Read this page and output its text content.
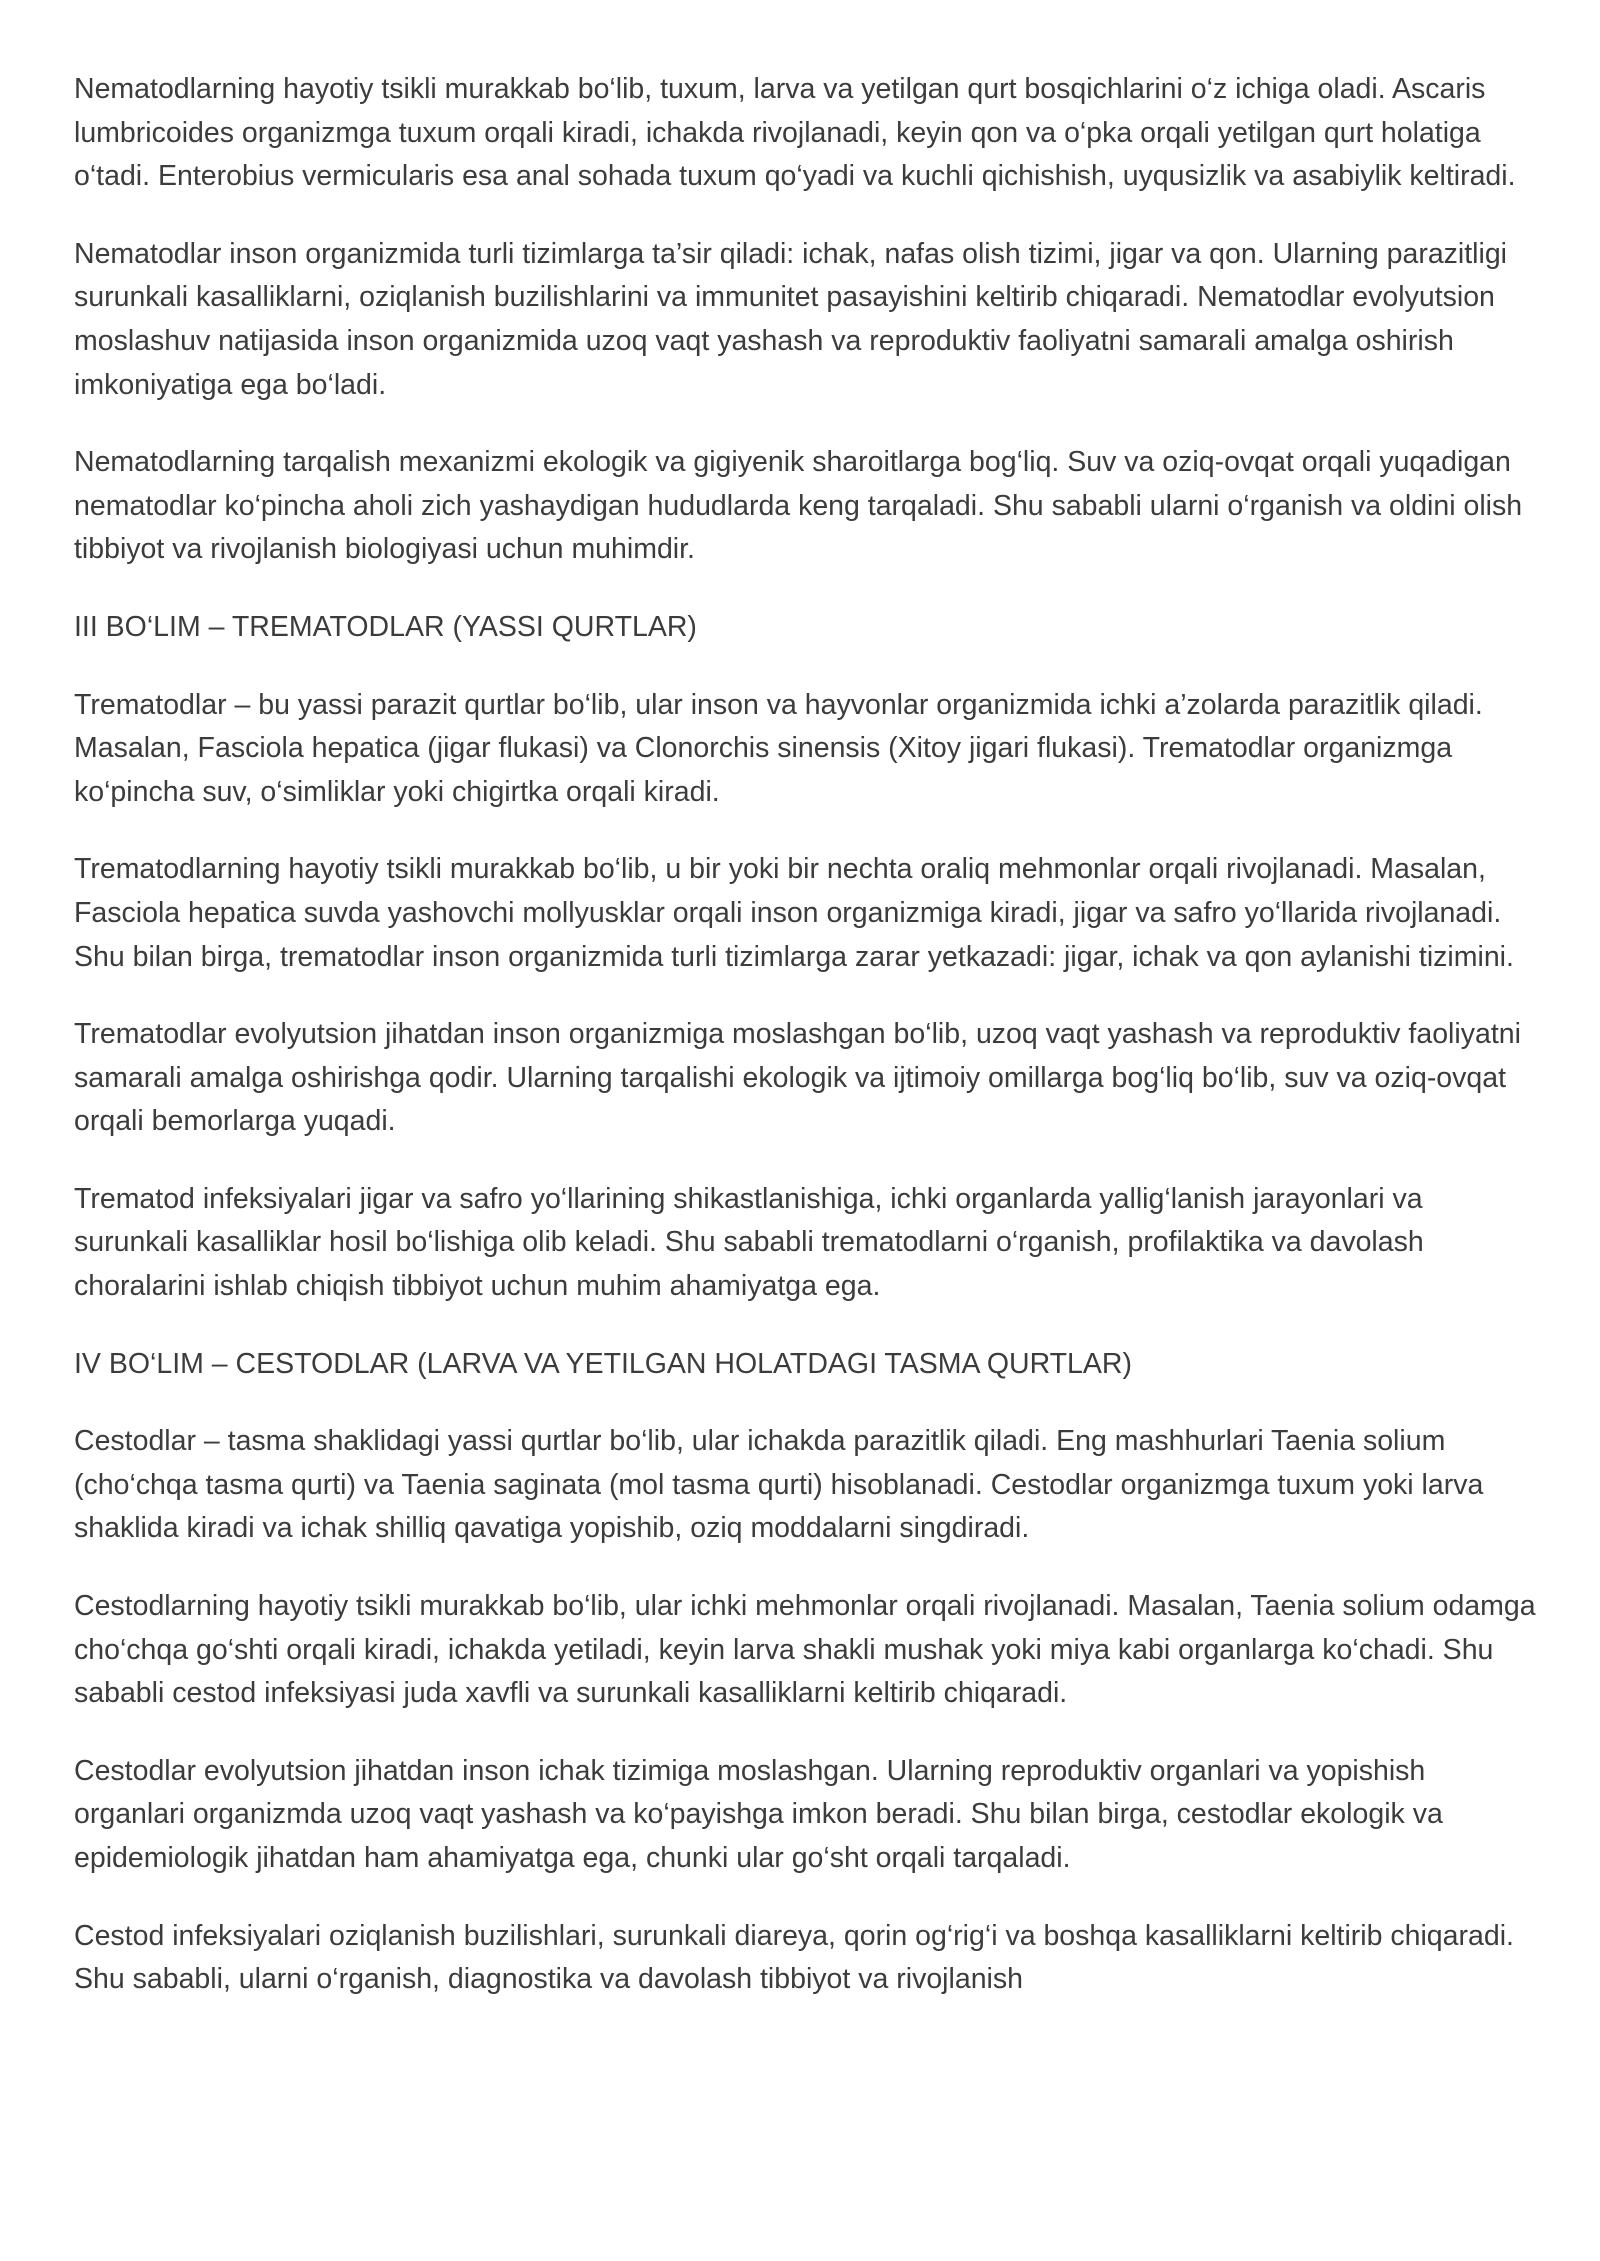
Nematodlarning hayotiy tsikli murakkab bo‘lib, tuxum, larva va yetilgan qurt bosqichlarini o‘z ichiga oladi. Ascaris lumbricoides organizmga tuxum orqali kiradi, ichakda rivojlanadi, keyin qon va o‘pka orqali yetilgan qurt holatiga o‘tadi. Enterobius vermicularis esa anal sohada tuxum qo‘yadi va kuchli qichishish, uyqusizlik va asabiylik keltiradi.

Nematodlar inson organizmida turli tizimlarga ta’sir qiladi: ichak, nafas olish tizimi, jigar va qon. Ularning parazitligi surunkali kasalliklarni, oziqlanish buzilishlarini va immunitet pasayishini keltirib chiqaradi. Nematodlar evolyutsion moslashuv natijasida inson organizmida uzoq vaqt yashash va reproduktiv faoliyatni samarali amalga oshirish imkoniyatiga ega bo‘ladi.

Nematodlarning tarqalish mexanizmi ekologik va gigiyenik sharoitlarga bog‘liq. Suv va oziq-ovqat orqali yuqadigan nematodlar ko‘pincha aholi zich yashaydigan hududlarda keng tarqaladi. Shu sababli ularni o‘rganish va oldini olish tibbiyot va rivojlanish biologiyasi uchun muhimdir.

III BO‘LIM – TREMATODLAR (YASSI QURTLAR)

Trematodlar – bu yassi parazit qurtlar bo‘lib, ular inson va hayvonlar organizmida ichki a’zolarda parazitlik qiladi. Masalan, Fasciola hepatica (jigar flukasi) va Clonorchis sinensis (Xitoy jigari flukasi). Trematodlar organizmga ko‘pincha suv, o‘simliklar yoki chigirtka orqali kiradi.

Trematodlarning hayotiy tsikli murakkab bo‘lib, u bir yoki bir nechta oraliq mehmonlar orqali rivojlanadi. Masalan, Fasciola hepatica suvda yashovchi mollyusklar orqali inson organizmiga kiradi, jigar va safro yo‘llarida rivojlanadi. Shu bilan birga, trematodlar inson organizmida turli tizimlarga zarar yetkazadi: jigar, ichak va qon aylanishi tizimini.

Trematodlar evolyutsion jihatdan inson organizmiga moslashgan bo‘lib, uzoq vaqt yashash va reproduktiv faoliyatni samarali amalga oshirishga qodir. Ularning tarqalishi ekologik va ijtimoiy omillarga bog‘liq bo‘lib, suv va oziq-ovqat orqali bemorlarga yuqadi.

Trematod infeksiyalari jigar va safro yo‘llarining shikastlanishiga, ichki organlarda yallig‘lanish jarayonlari va surunkali kasalliklar hosil bo‘lishiga olib keladi. Shu sababli trematodlarni o‘rganish, profilaktika va davolash choralarini ishlab chiqish tibbiyot uchun muhim ahamiyatga ega.

IV BO‘LIM – CESTODLAR (LARVA VA YETILGAN HOLATDAGI TASMA QURTLAR)

Cestodlar – tasma shaklidagi yassi qurtlar bo‘lib, ular ichakda parazitlik qiladi. Eng mashhurlari Taenia solium (cho‘chqa tasma qurti) va Taenia saginata (mol tasma qurti) hisoblanadi. Cestodlar organizmga tuxum yoki larva shaklida kiradi va ichak shilliq qavatiga yopishib, oziq moddalarni singdiradi.

Cestodlarning hayotiy tsikli murakkab bo‘lib, ular ichki mehmonlar orqali rivojlanadi. Masalan, Taenia solium odamga cho‘chqa go‘shti orqali kiradi, ichakda yetiladi, keyin larva shakli mushak yoki miya kabi organlarga ko‘chadi. Shu sababli cestod infeksiyasi juda xavfli va surunkali kasalliklarni keltirib chiqaradi.

Cestodlar evolyutsion jihatdan inson ichak tizimiga moslashgan. Ularning reproduktiv organlari va yopishish organlari organizmda uzoq vaqt yashash va ko‘payishga imkon beradi. Shu bilan birga, cestodlar ekologik va epidemiologik jihatdan ham ahamiyatga ega, chunki ular go‘sht orqali tarqaladi.

Cestod infeksiyalari oziqlanish buzilishlari, surunkali diareya, qorin og‘rig‘i va boshqa kasalliklarni keltirib chiqaradi. Shu sababli, ularni o‘rganish, diagnostika va davolash tibbiyot va rivojlanish
